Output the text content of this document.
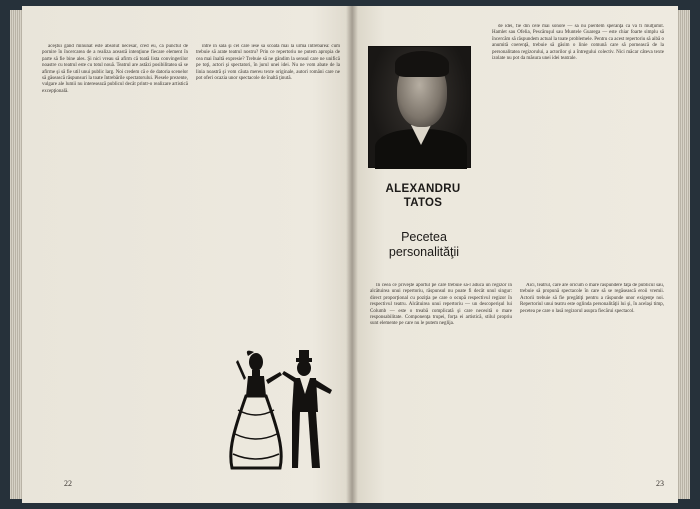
aceştui gând minunat este absolut necesar, cred eu, ca punctul de pornire în încercarea de a realiza această intenţiune fiecare element în parte să fie bine ales. Şi nici vreau să afirm că toată lista convingerilor noastre cu teatrul este cu totul nouă. Teatrul are astăzi posibilitatea să se afirme şi să fie util unui public larg. Noi credem că e de datoria scenelor să găsească răspunsuri la toate întrebările spectatorului. Piesele prezente, vulgare ale lumii nu interesează publicul decât printr-o realizare artistică excepţională.

între în sală şi cel care iese să scoată mai la urmă întrebarea: cum trebuie să arate teatrul nostru? Prin ce repertoriu ne putem apropia de cea mai înaltă expresie? Trebuie să ne gândim la sensul care ne unifică pe toţi, actori şi spectatori, în jurul unei idei. Nu ne vom abate de la linia noastră şi vom căuta mereu texte originale, autori români care ne pot oferi ocazia unor spectacole de înaltă ţinută.

22
ALEXANDRU TATOS
Pecetea personalităţii

de idei, fie din cele mai sonore — să nu pierdem speranţa că va fi mulţumit. Hamlet sau Ofelia, Pescăruşul sau Muntele Guarega — este chiar foarte simplu să încercăm să răspundem actual la toate problemele. Pentru ca acest repertoriu să aibă o anumită coerenţă, trebuie să găsim o linie comună care să pornească de la personalitatea regizorului, a actorilor şi a întregului colectiv. Nici măcar câteva texte izolate nu pot da măsura unei idei teatrale.

În ceea ce priveşte aportul pe care trebuie să-l aducă un regizor în alcătuirea unui repertoriu, răspunsul nu poate fi decât unul singur: direct proporţional cu poziţia pe care o ocupă respectivul regizor în respectivul teatru. Alcătuirea unui repertoriu — un descoperişul lui Columb — este o treabă complicată şi care necesită o mare responsabilitate. Componenţa trupei, forţa ei artistică, stilul propriu sunt elemente pe care nu le putem neglija.

Aici, teatrul, care are oricum o mare răspundere faţă de publicul său, trebuie să propună spectacole în care să se regăsească eroii vremii. Actorii trebuie să fie pregătiţi pentru a răspunde unor exigenţe noi. Repertoriul unui teatru este oglinda personalităţii lui şi, în acelaşi timp, pecetea pe care o lasă regizorul asupra fiecărui spectacol.

23
